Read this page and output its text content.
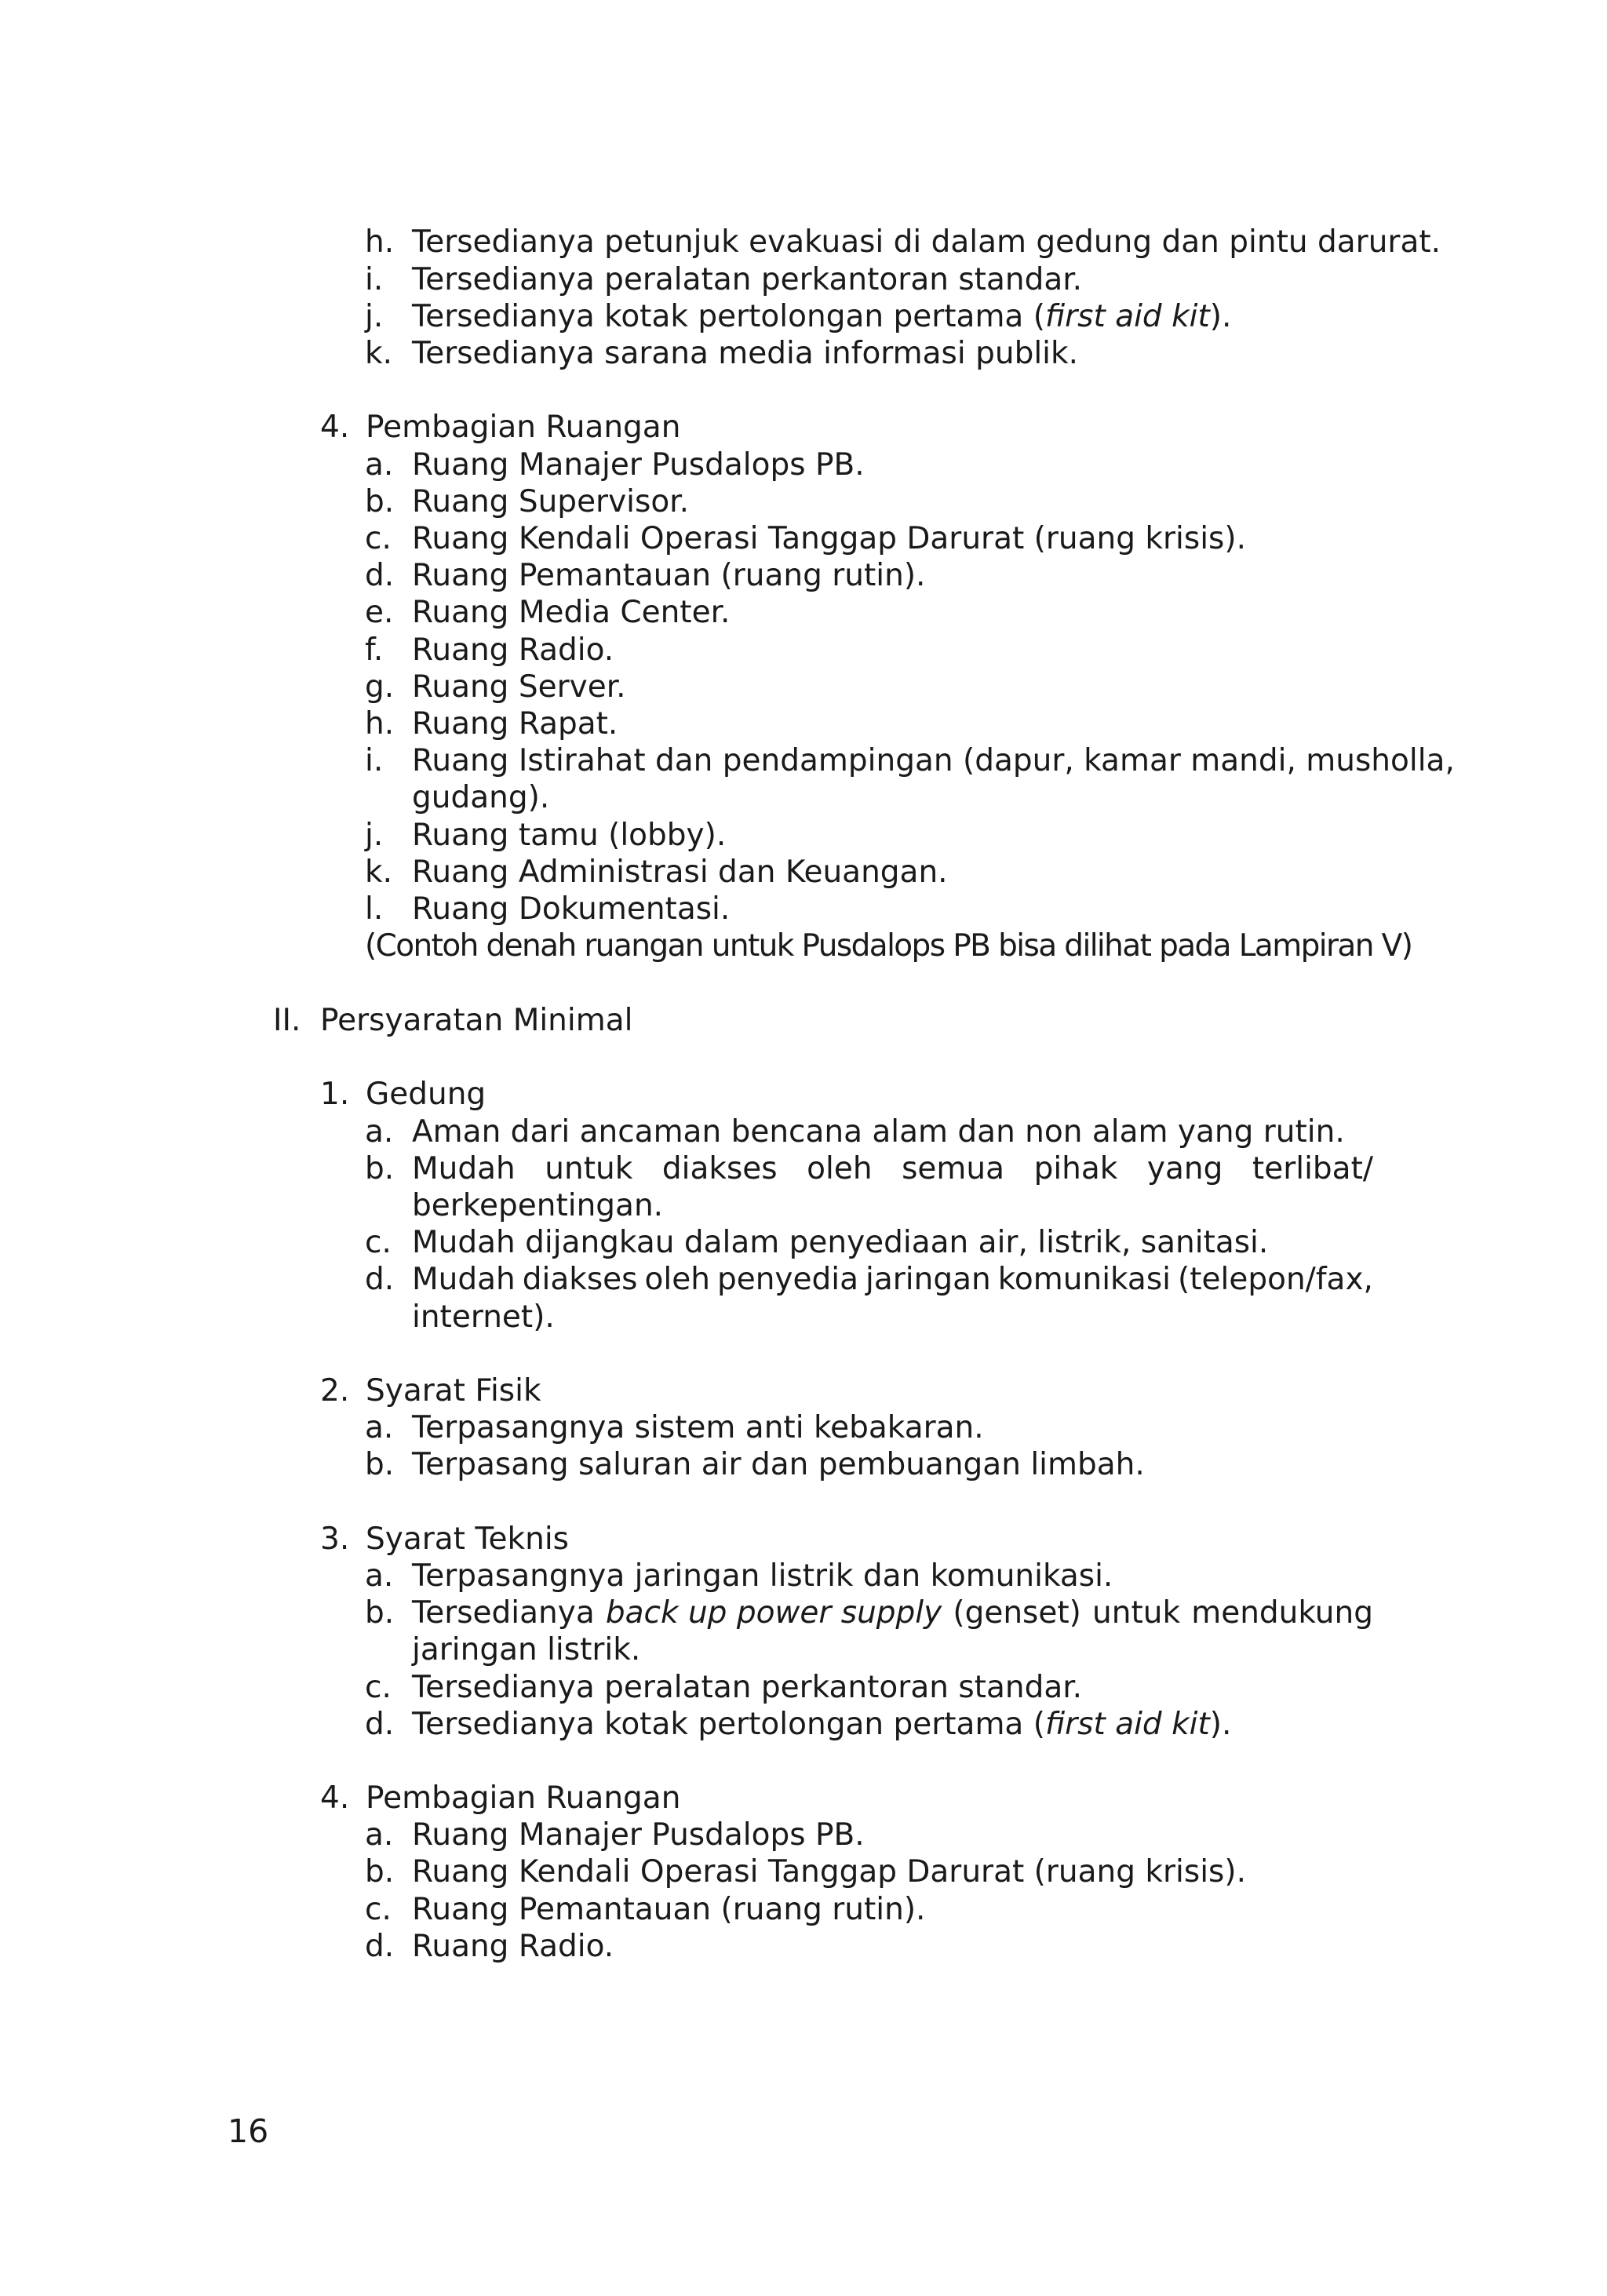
h. Tersedianya petunjuk evakuasi di dalam gedung dan pintu darurat.
i. Tersedianya peralatan perkantoran standar.
j. Tersedianya kotak pertolongan pertama (first aid kit).
k. Tersedianya sarana media informasi publik.
4. Pembagian Ruangan
a. Ruang Manajer Pusdalops PB.
b. Ruang Supervisor.
c. Ruang Kendali Operasi Tanggap Darurat (ruang krisis).
d. Ruang Pemantauan (ruang rutin).
e. Ruang Media Center.
f. Ruang Radio.
g. Ruang Server.
h. Ruang Rapat.
i. Ruang Istirahat dan pendampingan (dapur, kamar mandi, musholla,
gudang).
j. Ruang tamu (lobby).
k. Ruang Administrasi dan Keuangan.
l. Ruang Dokumentasi.
(Contoh denah ruangan untuk Pusdalops PB bisa dilihat pada Lampiran V)
II. Persyaratan Minimal
1. Gedung
a. Aman dari ancaman bencana alam dan non alam yang rutin.
b. Mudah untuk diakses oleh semua pihak yang terlibat/
berkepentingan.
c. Mudah dijangkau dalam penyediaan air, listrik, sanitasi.
d. Mudah diakses oleh penyedia jaringan komunikasi (telepon/fax,
internet).
2. Syarat Fisik
a. Terpasangnya sistem anti kebakaran.
b. Terpasang saluran air dan pembuangan limbah.
3. Syarat Teknis
a. Terpasangnya jaringan listrik dan komunikasi.
b. Tersedianya back up power supply (genset) untuk mendukung
jaringan listrik.
c. Tersedianya peralatan perkantoran standar.
d. Tersedianya kotak pertolongan pertama (first aid kit).
4. Pembagian Ruangan
a. Ruang Manajer Pusdalops PB.
b. Ruang Kendali Operasi Tanggap Darurat (ruang krisis).
c. Ruang Pemantauan (ruang rutin).
d. Ruang Radio.
16
